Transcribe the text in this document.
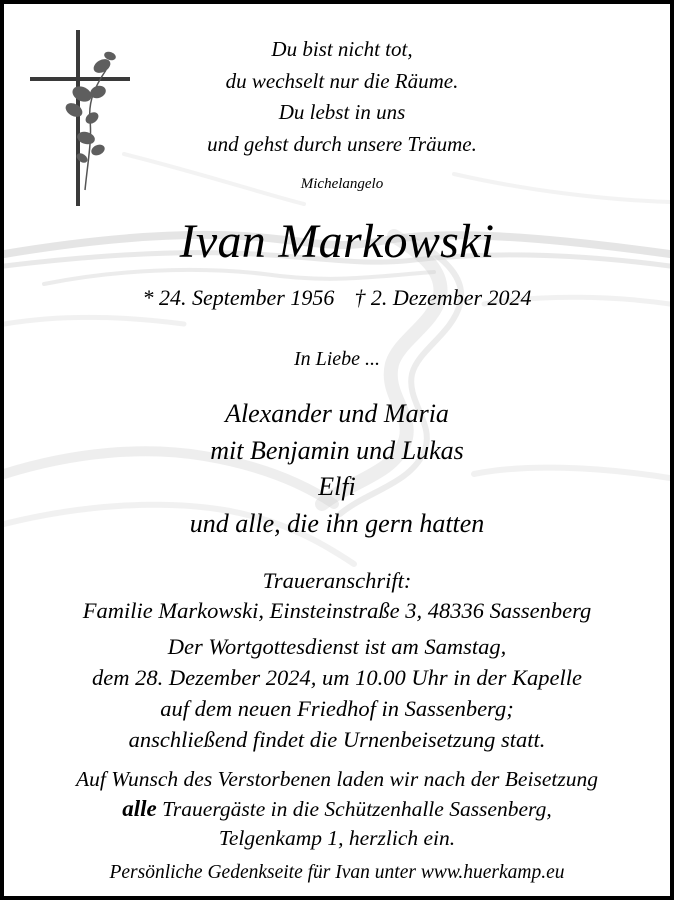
Du bist nicht tot,
du wechselt nur die Räume.
Du lebst in uns
und gehst durch unsere Träume.
Michelangelo
Ivan Markowski
* 24. September 1956 † 2. Dezember 2024
In Liebe ...
Alexander und Maria
mit Benjamin und Lukas
Elfi
und alle, die ihn gern hatten
Traueranschrift:
Familie Markowski, Einsteinstraße 3, 48336 Sassenberg
Der Wortgottesdienst ist am Samstag,
dem 28. Dezember 2024, um 10.00 Uhr in der Kapelle
auf dem neuen Friedhof in Sassenberg;
anschließend findet die Urnenbeisetzung statt.
Auf Wunsch des Verstorbenen laden wir nach der Beisetzung
alle Trauergäste in die Schützenhalle Sassenberg,
Telgenkamp 1, herzlich ein.
Persönliche Gedenkseite für Ivan unter www.huerkamp.eu
